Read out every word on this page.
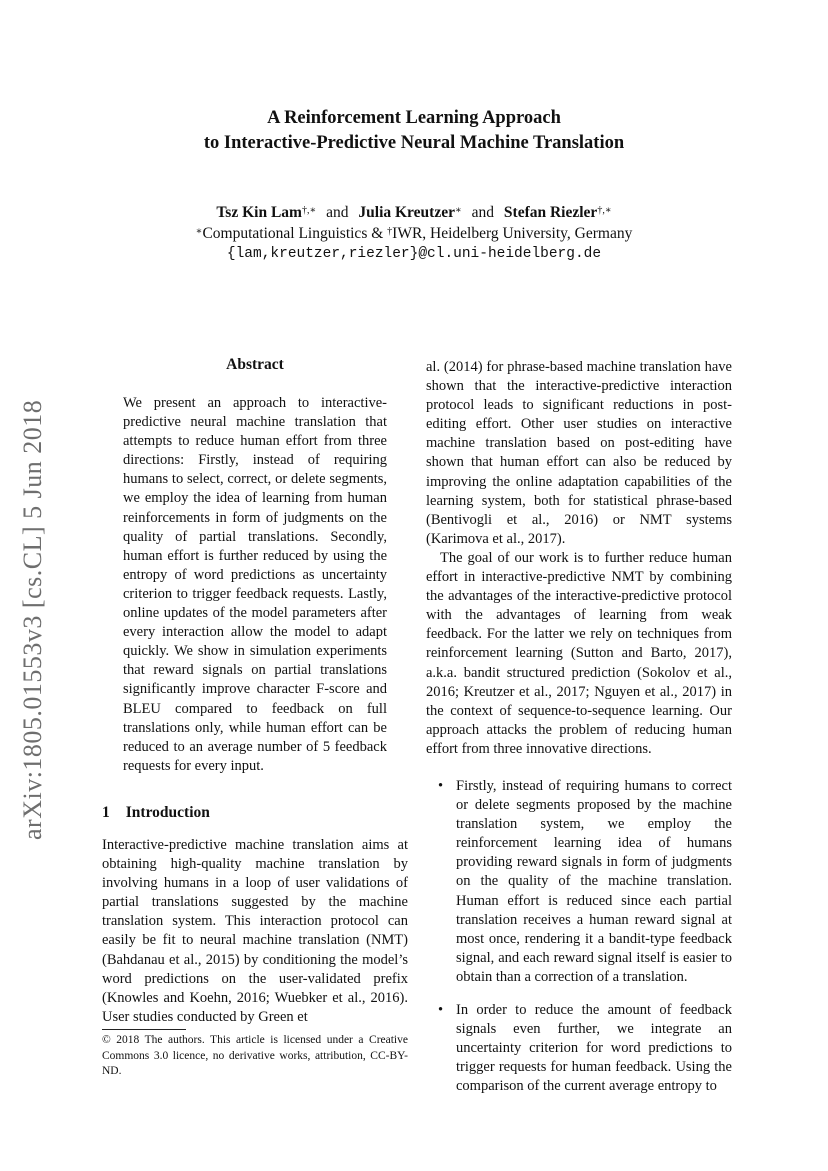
A Reinforcement Learning Approach
to Interactive-Predictive Neural Machine Translation
Tsz Kin Lam†,∗ and Julia Kreutzer∗ and Stefan Riezler†,∗
∗Computational Linguistics & †IWR, Heidelberg University, Germany
{lam,kreutzer,riezler}@cl.uni-heidelberg.de
arXiv:1805.01553v3 [cs.CL] 5 Jun 2018
Abstract
We present an approach to interactive-predictive neural machine translation that attempts to reduce human effort from three directions: Firstly, instead of requiring humans to select, correct, or delete segments, we employ the idea of learning from human reinforcements in form of judgments on the quality of partial translations. Secondly, human effort is further reduced by using the entropy of word predictions as uncertainty criterion to trigger feedback requests. Lastly, online updates of the model parameters after every interaction allow the model to adapt quickly. We show in simulation experiments that reward signals on partial translations significantly improve character F-score and BLEU compared to feedback on full translations only, while human effort can be reduced to an average number of 5 feedback requests for every input.
1 Introduction
Interactive-predictive machine translation aims at obtaining high-quality machine translation by involving humans in a loop of user validations of partial translations suggested by the machine translation system. This interaction protocol can easily be fit to neural machine translation (NMT) (Bahdanau et al., 2015) by conditioning the model’s word predictions on the user-validated prefix (Knowles and Koehn, 2016; Wuebker et al., 2016). User studies conducted by Green et
© 2018 The authors. This article is licensed under a Creative Commons 3.0 licence, no derivative works, attribution, CC-BY-ND.

al. (2014) for phrase-based machine translation have shown that the interactive-predictive interaction protocol leads to significant reductions in post-editing effort. Other user studies on interactive machine translation based on post-editing have shown that human effort can also be reduced by improving the online adaptation capabilities of the learning system, both for statistical phrase-based (Bentivogli et al., 2016) or NMT systems (Karimova et al., 2017).

The goal of our work is to further reduce human effort in interactive-predictive NMT by combining the advantages of the interactive-predictive protocol with the advantages of learning from weak feedback. For the latter we rely on techniques from reinforcement learning (Sutton and Barto, 2017), a.k.a. bandit structured prediction (Sokolov et al., 2016; Kreutzer et al., 2017; Nguyen et al., 2017) in the context of sequence-to-sequence learning. Our approach attacks the problem of reducing human effort from three innovative directions.

• Firstly, instead of requiring humans to correct or delete segments proposed by the machine translation system, we employ the reinforcement learning idea of humans providing reward signals in form of judgments on the quality of the machine translation. Human effort is reduced since each partial translation receives a human reward signal at most once, rendering it a bandit-type feedback signal, and each reward signal itself is easier to obtain than a correction of a translation.
• In order to reduce the amount of feedback signals even further, we integrate an uncertainty criterion for word predictions to trigger requests for human feedback. Using the comparison of the current average entropy to
